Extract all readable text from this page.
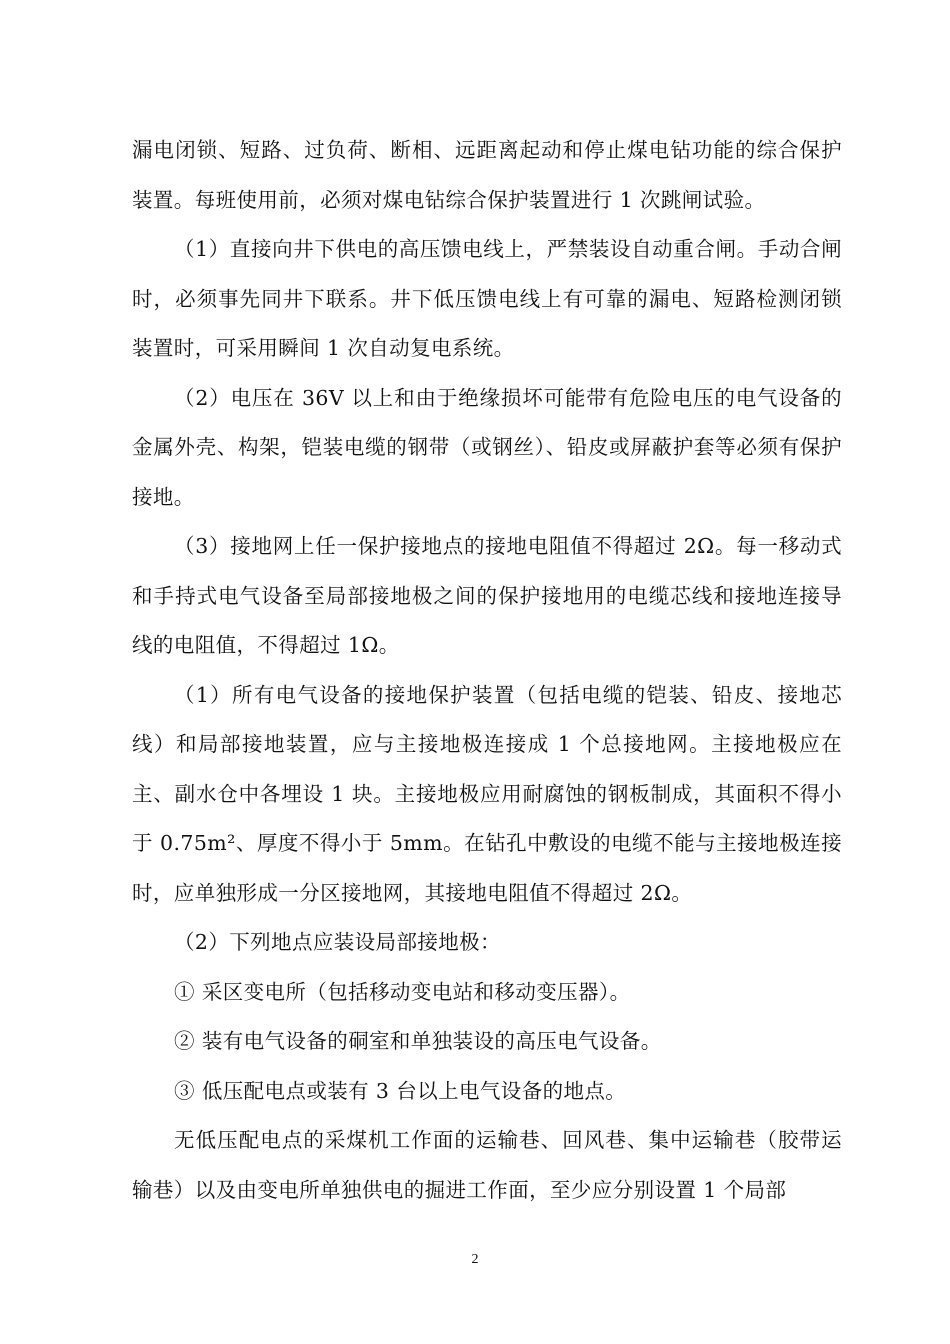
漏电闭锁、短路、过负荷、断相、远距离起动和停止煤电钻功能的综合保护装置。每班使用前，必须对煤电钻综合保护装置进行 1 次跳闸试验。

（1）直接向井下供电的高压馈电线上，严禁装设自动重合闸。手动合闸时，必须事先同井下联系。井下低压馈电线上有可靠的漏电、短路检测闭锁装置时，可采用瞬间 1 次自动复电系统。

（2）电压在 36V 以上和由于绝缘损坏可能带有危险电压的电气设备的金属外壳、构架，铠装电缆的钢带（或钢丝）、铅皮或屏蔽护套等必须有保护接地。

（3）接地网上任一保护接地点的接地电阻值不得超过 2Ω。每一移动式和手持式电气设备至局部接地极之间的保护接地用的电缆芯线和接地连接导线的电阻值，不得超过 1Ω。

（1）所有电气设备的接地保护装置（包括电缆的铠装、铅皮、接地芯线）和局部接地装置，应与主接地极连接成 1 个总接地网。主接地极应在主、副水仓中各埋设 1 块。主接地极应用耐腐蚀的钢板制成，其面积不得小于 0.75m²、厚度不得小于 5mm。在钻孔中敷设的电缆不能与主接地极连接时，应单独形成一分区接地网，其接地电阻值不得超过 2Ω。

（2）下列地点应装设局部接地极：

① 采区变电所（包括移动变电站和移动变压器）。

② 装有电气设备的硐室和单独装设的高压电气设备。

③ 低压配电点或装有 3 台以上电气设备的地点。

无低压配电点的采煤机工作面的运输巷、回风巷、集中运输巷（胶带运输巷）以及由变电所单独供电的掘进工作面，至少应分别设置 1 个局部

2
